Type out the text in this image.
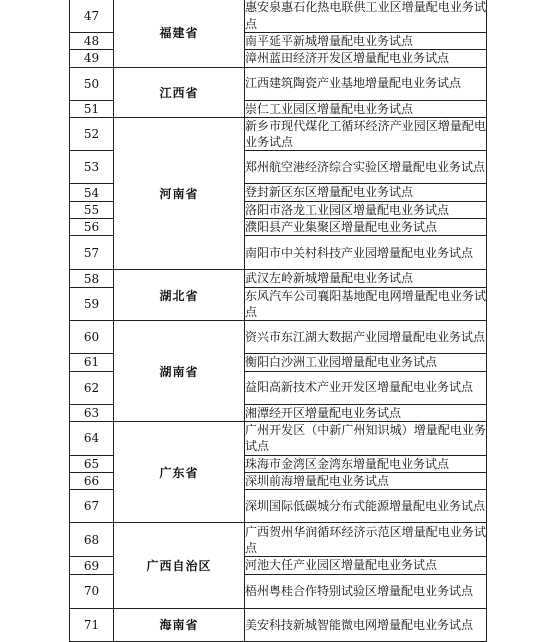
47	福建省	惠安泉惠石化热电联供工业区增量配电业务试点
48		南平延平新城增量配电业务试点
49		漳州蓝田经济开发区增量配电业务试点
50	江西省	江西建筑陶瓷产业基地增量配电业务试点
51		崇仁工业园区增量配电业务试点
52	河南省	新乡市现代煤化工循环经济产业园区增量配电业务试点
53		郑州航空港经济综合实验区增量配电业务试点
54		登封新区东区增量配电业务试点
55		洛阳市洛龙工业园区增量配电业务试点
56		濮阳县产业集聚区增量配电业务试点
57		南阳市中关村科技产业园增量配电业务试点
58	湖北省	武汉左岭新城增量配电业务试点
59		东风汽车公司襄阳基地配电网增量配电业务试点
60	湖南省	资兴市东江湖大数据产业园增量配电业务试点
61		衡阳白沙洲工业园增量配电业务试点
62		益阳高新技术产业开发区增量配电业务试点
63		湘潭经开区增量配电业务试点
64	广东省	广州开发区（中新广州知识城）增量配电业务试点
65		珠海市金湾区金湾东增量配电业务试点
66		深圳前海增量配电业务试点
67		深圳国际低碳城分布式能源增量配电业务试点
68	广西自治区	广西贺州华润循环经济示范区增量配电业务试点
69		河池大任产业园区增量配电业务试点
70		梧州粤桂合作特别试验区增量配电业务试点
71	海南省	美安科技新城智能微电网增量配电业务试点
